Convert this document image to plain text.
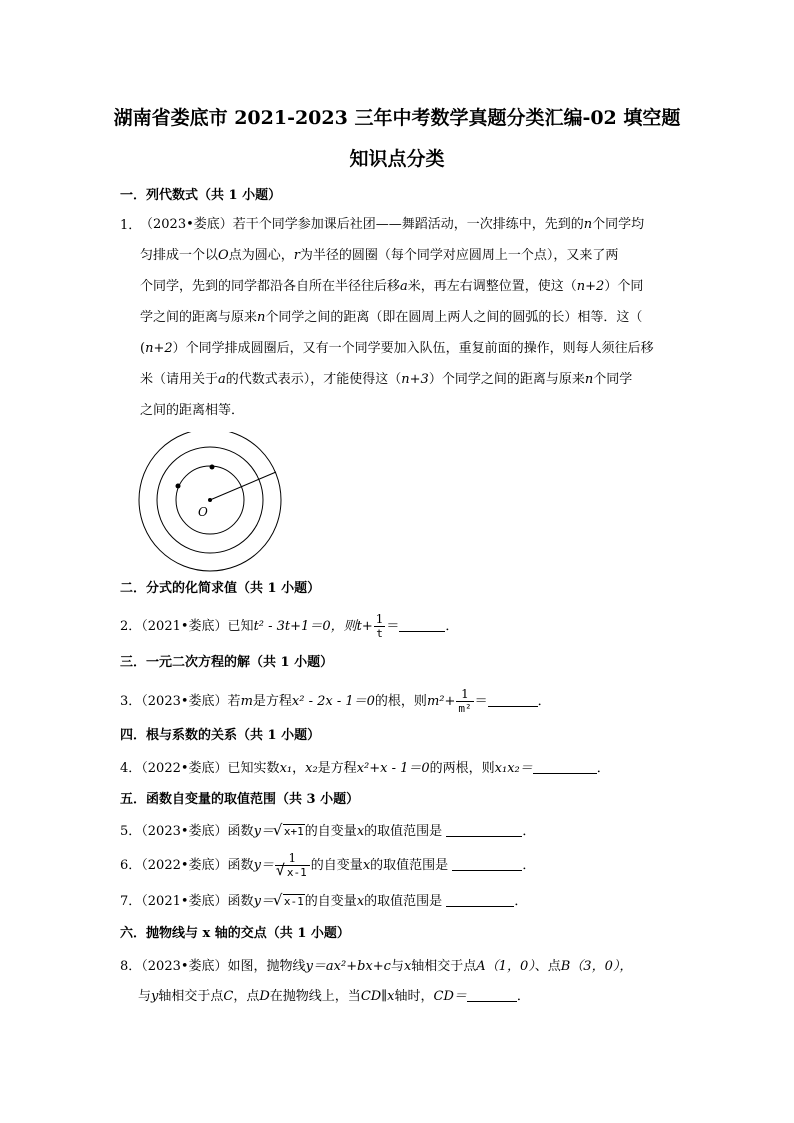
湖南省娄底市 2021-2023 三年中考数学真题分类汇编-02 填空题
知识点分类
一．列代数式（共 1 小题）
1．
（2023•娄底）若干个同学参加课后社团——舞蹈活动，一次排练中，先到的n个同学均
匀排成一个以O点为圆心，r为半径的圆圈（每个同学对应圆周上一个点），又来了两
个同学，先到的同学都沿各自所在半径往后移a米，再左右调整位置，使这（n+2）个同
学之间的距离与原来n个同学之间的距离（即在圆周上两人之间的圆弧的长）相等．这（
(n+2）个同学排成圆圈后，又有一个同学要加入队伍，重复前面的操作，则每人须往后移
米（请用关于a的代数式表示），才能使得这（n+3）个同学之间的距离与原来n个同学
之间的距离相等．
O
二．分式的化简求值（共 1 小题）
2．（2021•娄底）已知t² - 3t+1＝0，则$t+ \frac{1}{t}$ ＝	．
三．一元二次方程的解（共 1 小题）
3．（2023•娄底）若m是方程x² - 2x - 1＝0的根，则$m^2+ \frac{1}{\text{m²}}$ ＝	．
四．根与系数的关系（共 1 小题）
4．（2022•娄底）已知实数x₁，x₂是方程x²+x - 1＝0的两根，则x₁x₂＝	．
五．函数自变量的取值范围（共 3 小题）
5．（2023•娄底）函数y＝ √ x+1的自变量x的取值范围是	．
6．（2022•娄底）函数y＝ 1
√ x-1 的自变量x的取值范围是	．
7．（2021•娄底）函数y＝ √ x-1的自变量x的取值范围是	．
六．抛物线与 x 轴的交点（共 1 小题）
8．（2023•娄底）如图，抛物线y＝ax²+bx+c与x轴相交于点A（1，0）、点B（3，0），
与y轴相交于点C，点D在抛物线上，当CD∥x轴时，CD＝	．
